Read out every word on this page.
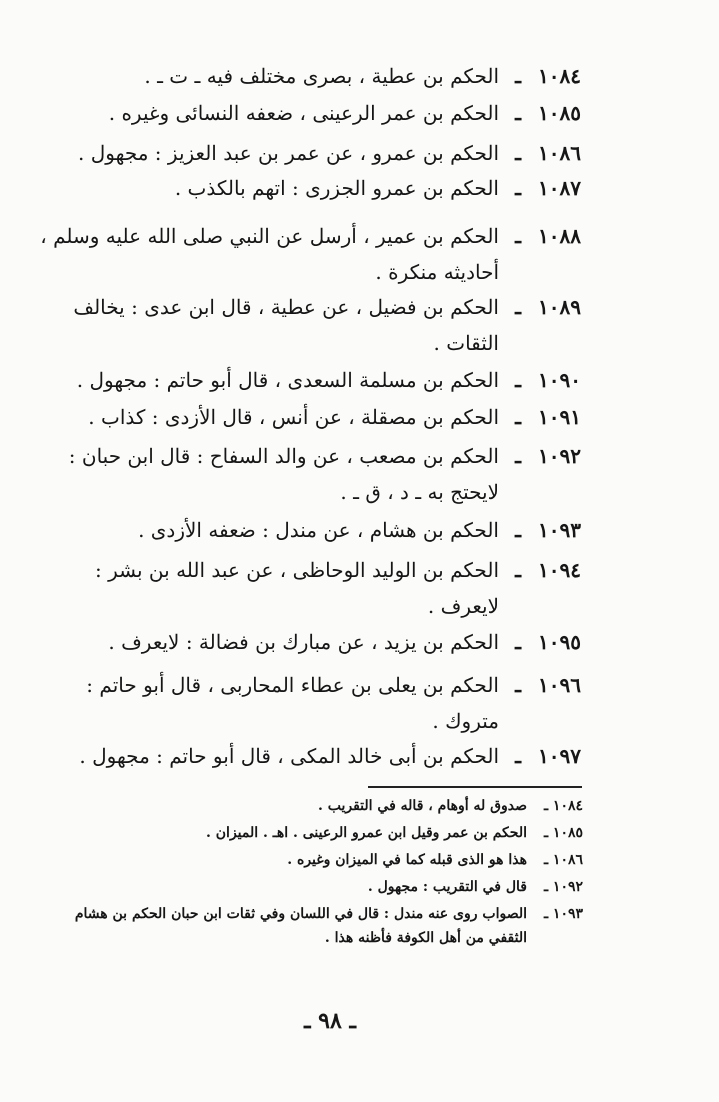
١٠٨٤
ـ
الحكم بن عطية ، بصرى مختلف فيه ـ ت ـ .
١٠٨٥
ـ
الحكم بن عمر الرعينى ، ضعفه النسائى وغيره .
١٠٨٦
ـ
الحكم بن عمرو ، عن عمر بن عبد العزيز : مجهول .
١٠٨٧
ـ
الحكم بن عمرو الجزرى : اتهم بالكذب .
١٠٨٨
ـ
الحكم بن عمير ، أرسل عن النبي صلى الله عليه وسلم ،
أحاديثه منكرة .
١٠٨٩
ـ
الحكم بن فضيل ، عن عطية ، قال ابن عدى : يخالف
الثقات .
١٠٩٠
ـ
الحكم بن مسلمة السعدى ، قال أبو حاتم : مجهول .
١٠٩١
ـ
الحكم بن مصقلة ، عن أنس ، قال الأزدى : كذاب .
١٠٩٢
ـ
الحكم بن مصعب ، عن والد السفاح : قال ابن حبان :
لايحتج به ـ د ، ق ـ .
١٠٩٣
ـ
الحكم بن هشام ، عن مندل : ضعفه الأزدى .
١٠٩٤
ـ
الحكم بن الوليد الوحاظى ، عن عبد الله بن بشر :
لايعرف .
١٠٩٥
ـ
الحكم بن يزيد ، عن مبارك بن فضالة : لايعرف .
١٠٩٦
ـ
الحكم بن يعلى بن عطاء المحاربى ، قال أبو حاتم :
متروك .
١٠٩٧
ـ
الحكم بن أبى خالد المكى ، قال أبو حاتم : مجهول .
١٠٨٤ ـ
صدوق له أوهام ، قاله في التقريب .
١٠٨٥ ـ
الحكم بن عمر وقيل ابن عمرو الرعينى . اهـ . الميزان .
١٠٨٦ ـ
هذا هو الذى قبله كما في الميزان وغيره .
١٠٩٢ ـ
قال في التقريب : مجهول .
١٠٩٣ ـ
الصواب روى عنه مندل : قال في اللسان وفي ثقات ابن حبان الحكم بن هشام
الثقفي من أهل الكوفة فأظنه هذا .
ـ ٩٨ ـ
